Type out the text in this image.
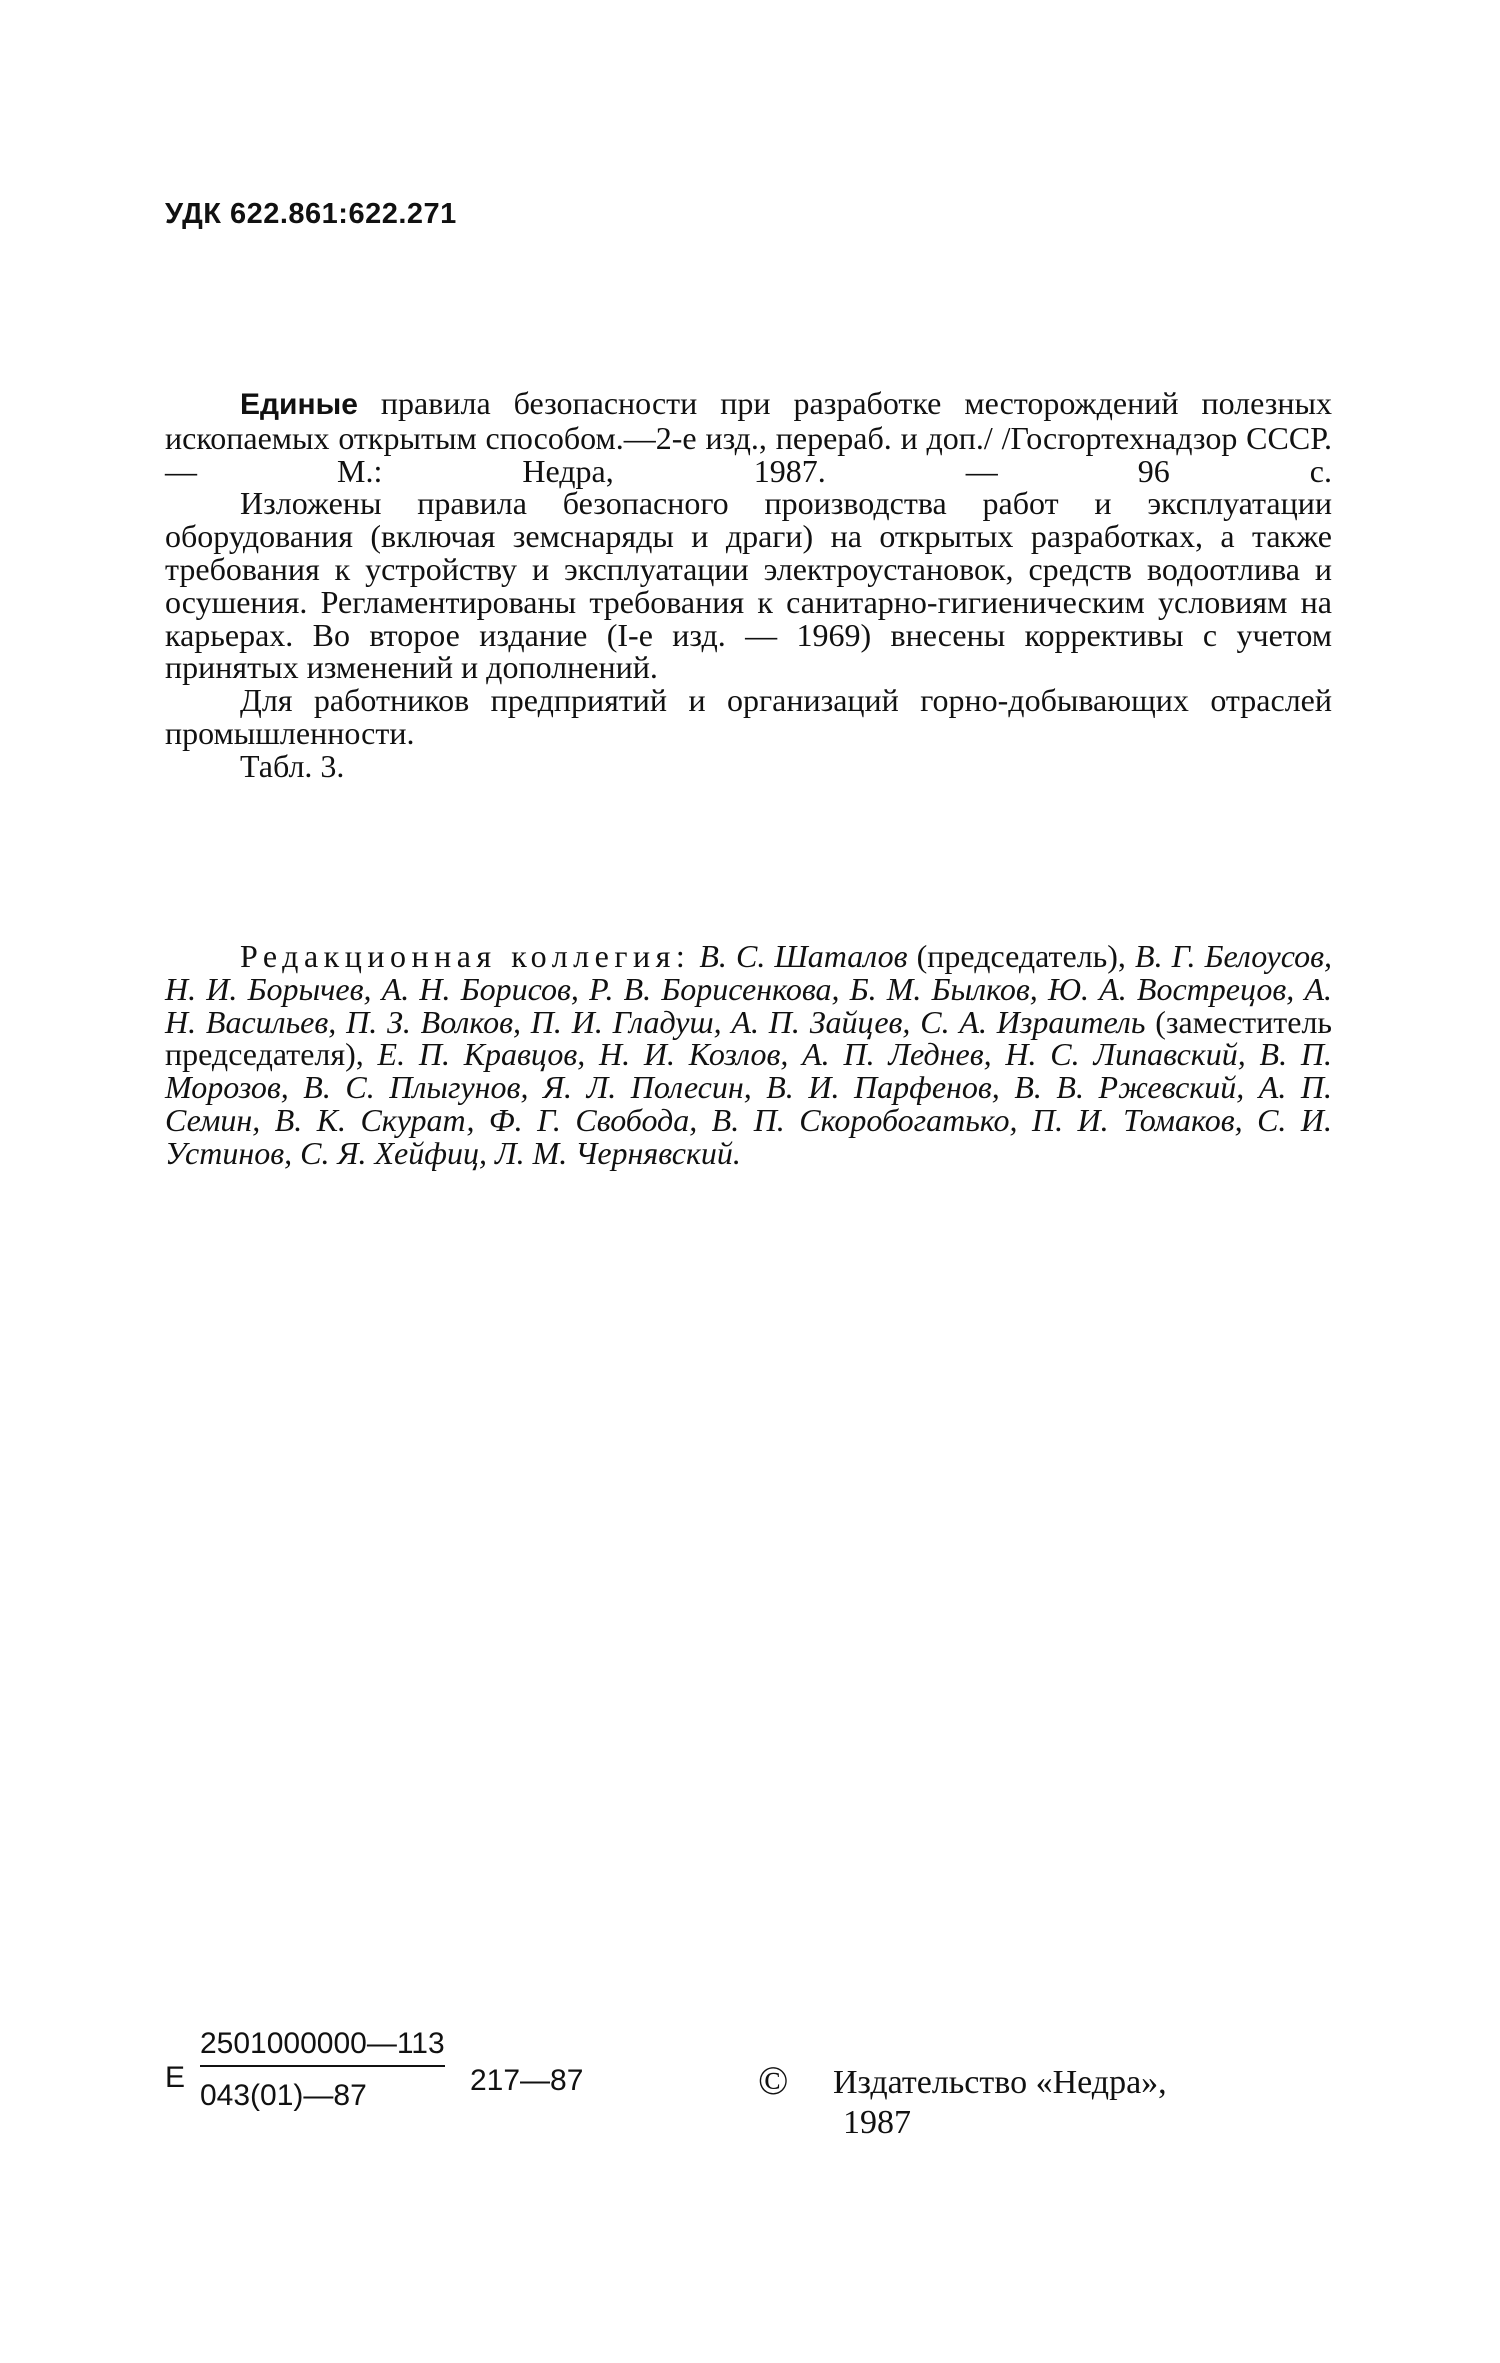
УДК 622.861:622.271

Единые правила безопасности при разработке месторождений полезных ископаемых открытым способом.—2-е изд., перераб. и доп./ /Госгортехнадзор СССР. — М.: Недра, 1987. — 96 с.

Изложены правила безопасного производства работ и эксплуатации оборудования (включая земснаряды и драги) на открытых разработках, а также требования к устройству и эксплуатации электроустановок, средств водоотлива и осушения. Регламентированы требования к санитарно-гигиеническим условиям на карьерах. Во второе издание (I-е изд. — 1969) внесены коррективы с учетом принятых изменений и дополнений.

Для работников предприятий и организаций горно-добывающих отраслей промышленности.

Табл. 3.

Редакционная коллегия: В. С. Шаталов (председатель), В. Г. Белоусов, Н. И. Борычев, А. Н. Борисов, Р. В. Борисенкова, Б. М. Былков, Ю. А. Вострецов, А. Н. Васильев, П. З. Волков, П. И. Гладуш, А. П. Зайцев, С. А. Израитель (заместитель председателя), Е. П. Кравцов, Н. И. Козлов, А. П. Леднев, Н. С. Липавский, В. П. Морозов, В. С. Плыгунов, Я. Л. Полесин, В. И. Парфенов, В. В. Ржевский, А. П. Семин, В. К. Скурат, Ф. Г. Свобода, В. П. Скоробогатько, П. И. Томаков, С. И. Устинов, С. Я. Хейфиц, Л. М. Чернявский.

Е
2501000000—113
043(01)—87	217—87	© Издательство «Недра»,
1987
